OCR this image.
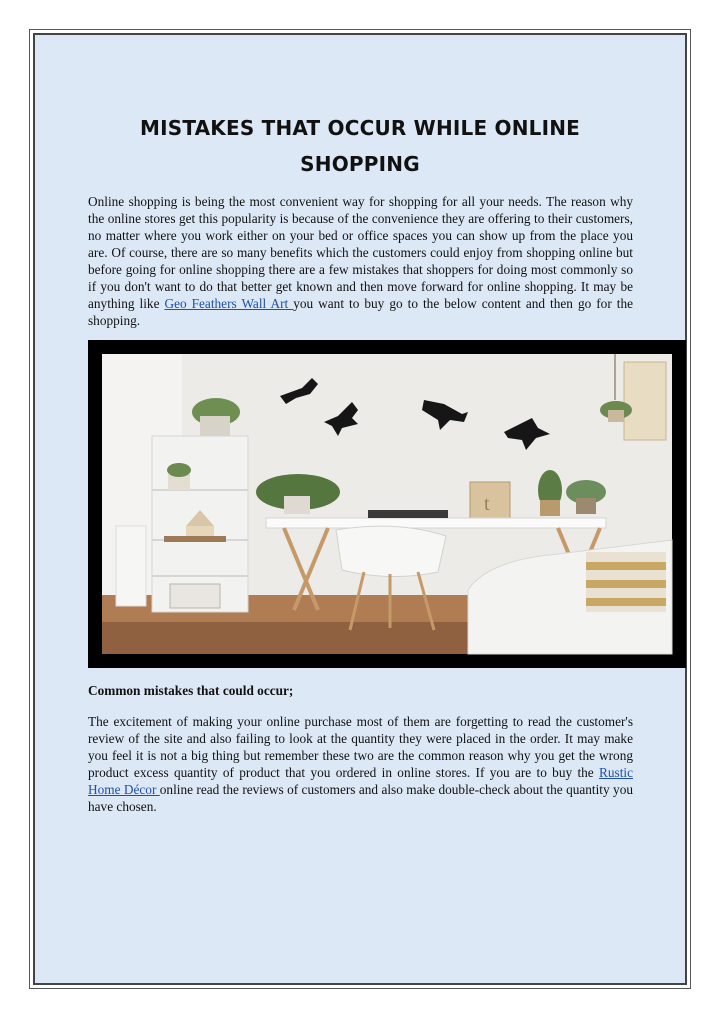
MISTAKES THAT OCCUR WHILE ONLINE SHOPPING

Online shopping is being the most convenient way for shopping for all your needs. The reason why the online stores get this popularity is because of the convenience they are offering to their customers, no matter where you work either on your bed or office spaces you can show up from the place you are. Of course, there are so many benefits which the customers could enjoy from shopping online but before going for online shopping there are a few mistakes that shoppers for doing most commonly so if you don't want to do that better get known and then move forward for online shopping. It may be anything like Geo Feathers Wall Art you want to buy go to the below content and then go for the shopping.

t

Common mistakes that could occur;

The excitement of making your online purchase most of them are forgetting to read the customer's review of the site and also failing to look at the quantity they were placed in the order. It may make you feel it is not a big thing but remember these two are the common reason why you get the wrong product excess quantity of product that you ordered in online stores. If you are to buy the Rustic Home Décor online read the reviews of customers and also make double-check about the quantity you have chosen.
